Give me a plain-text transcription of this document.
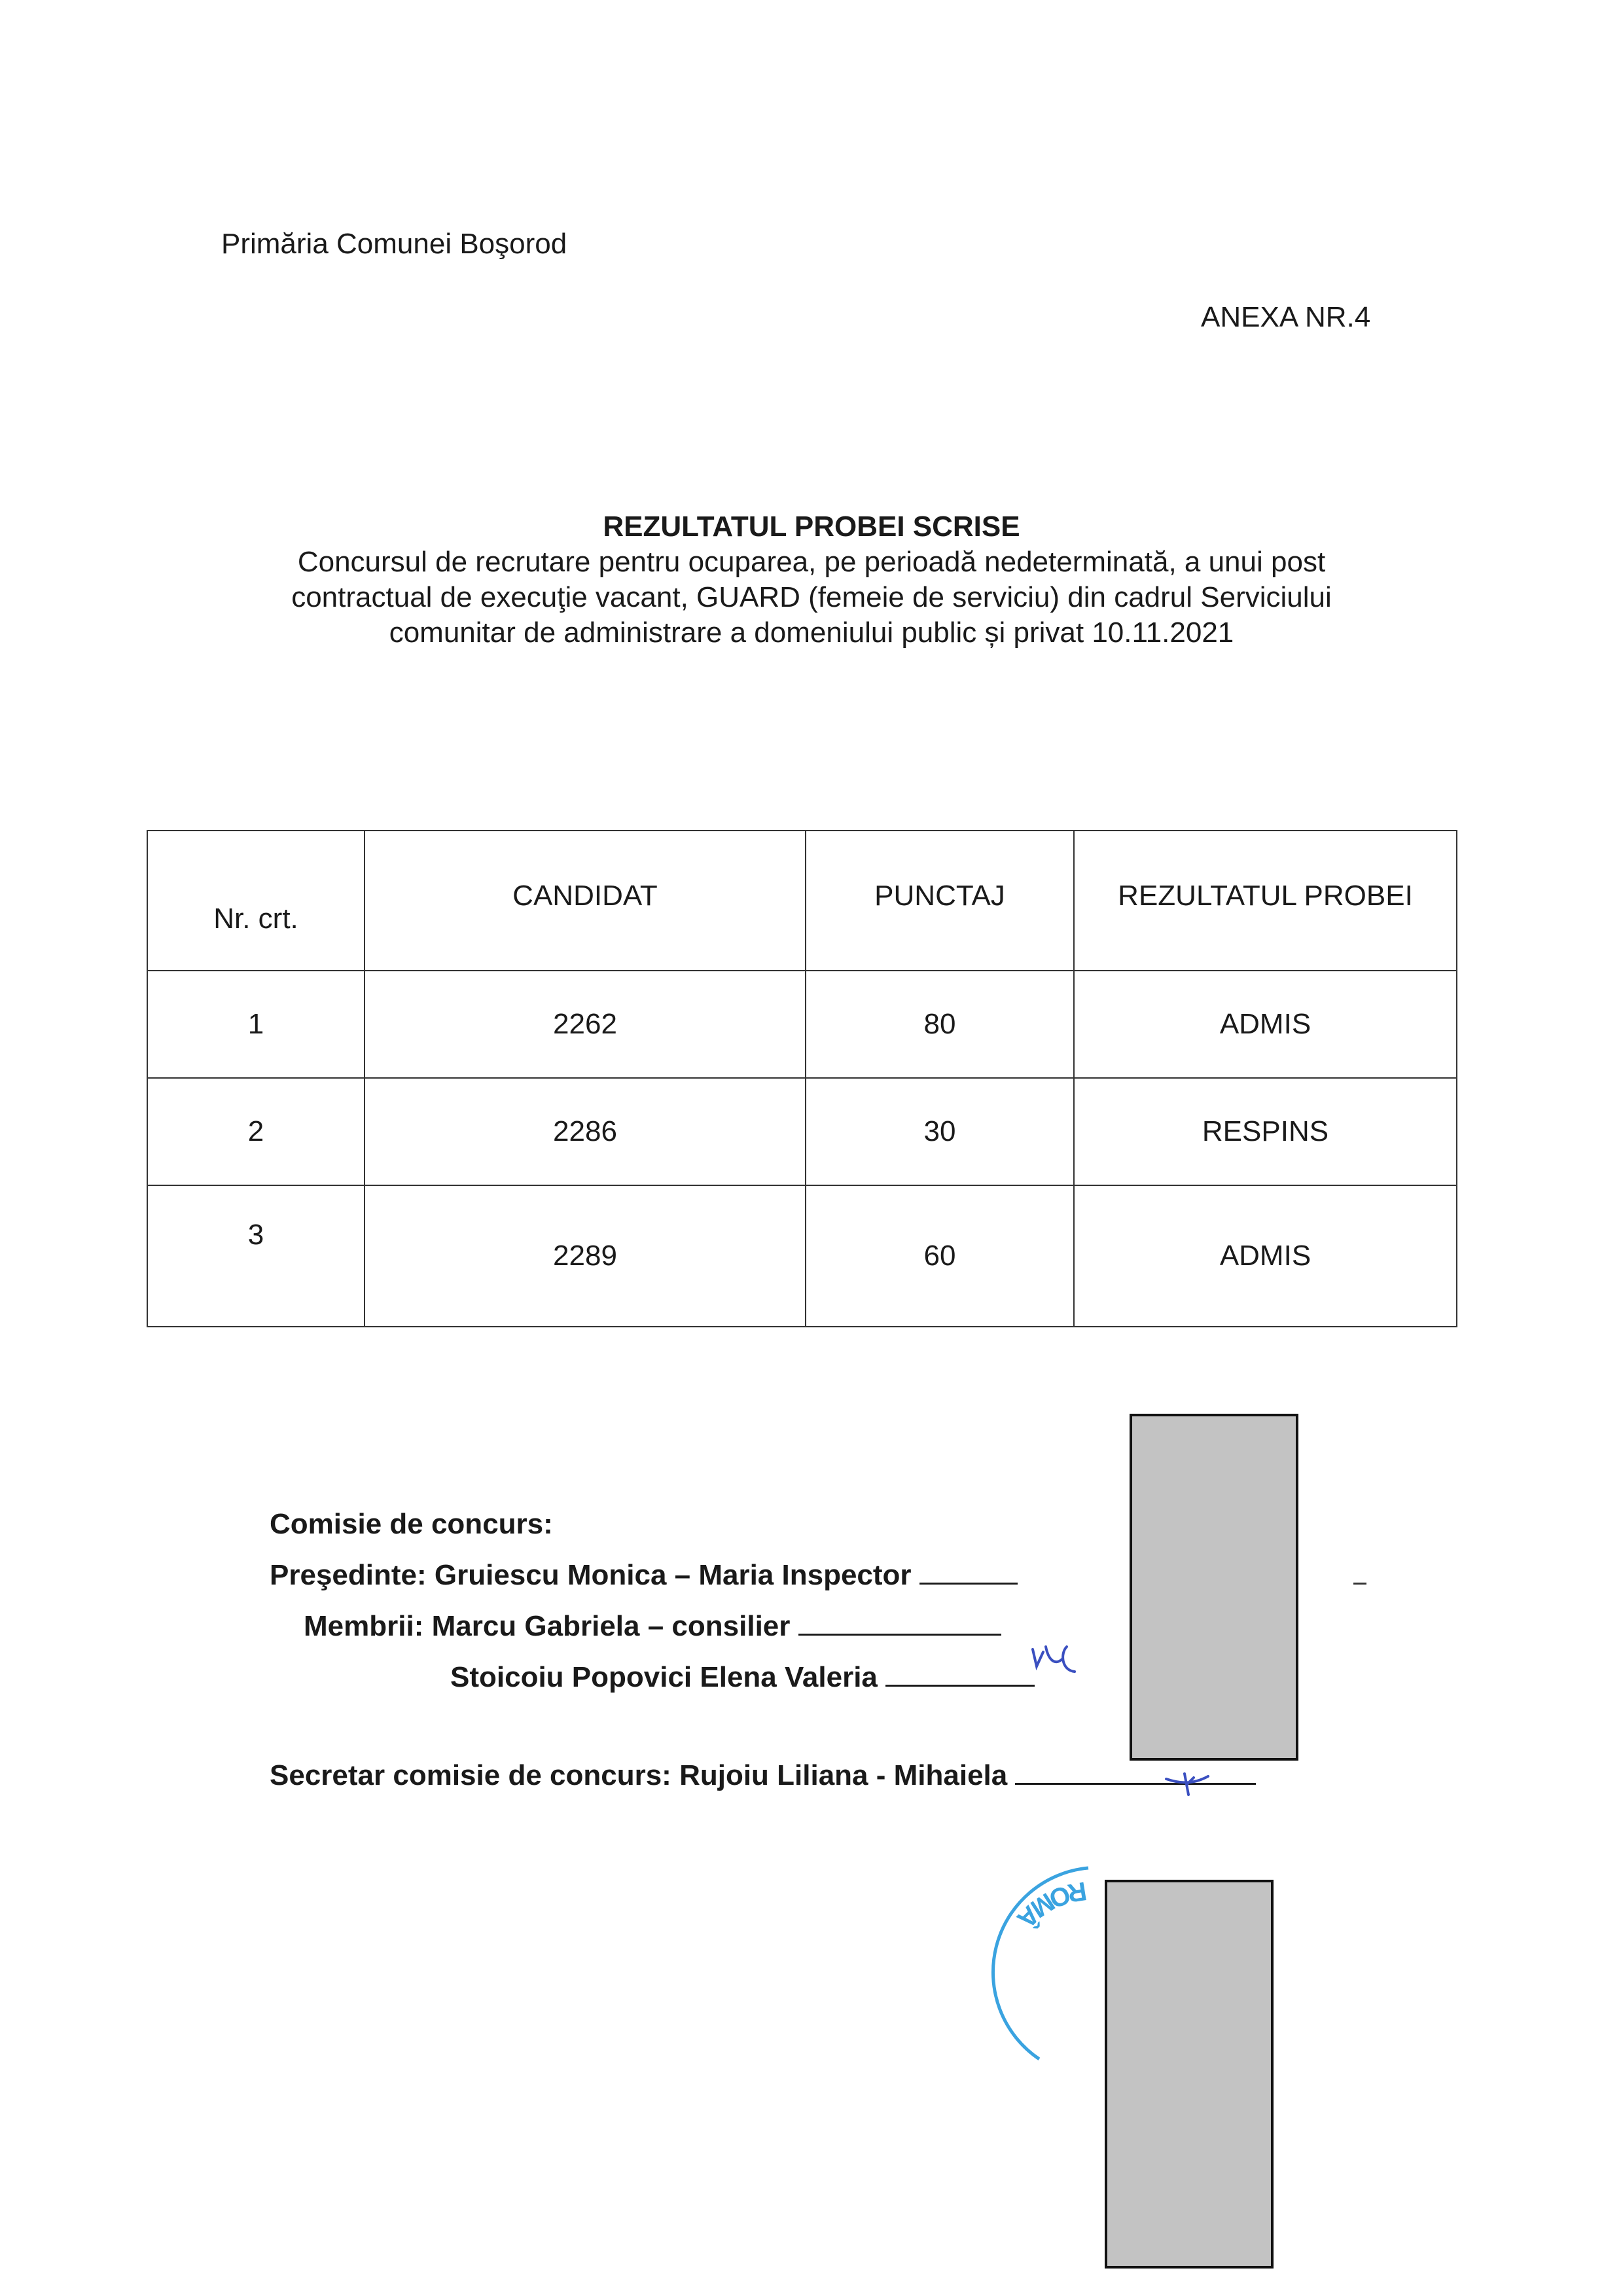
Primăria Comunei Boşorod
ANEXA NR.4
REZULTATUL PROBEI SCRISE
Concursul de recrutare pentru ocuparea, pe perioadă nedeterminată, a unui post
contractual de execuţie vacant, GUARD (femeie de serviciu) din cadrul Serviciului
comunitar de administrare a domeniului public și privat 10.11.2021
Nr. crt.	CANDIDAT	PUNCTAJ	REZULTATUL PROBEI
1	2262	80	ADMIS
2	2286	30	RESPINS
3	2289	60	ADMIS
Comisie de concurs:
Preşedinte: Gruiescu Monica – Maria Inspector
Membrii: Marcu Gabriela – consilier
Stoicoiu Popovici Elena Valeria
Secretar comisie de concurs: Rujoiu Liliana - Mihaiela
ROMÂ
